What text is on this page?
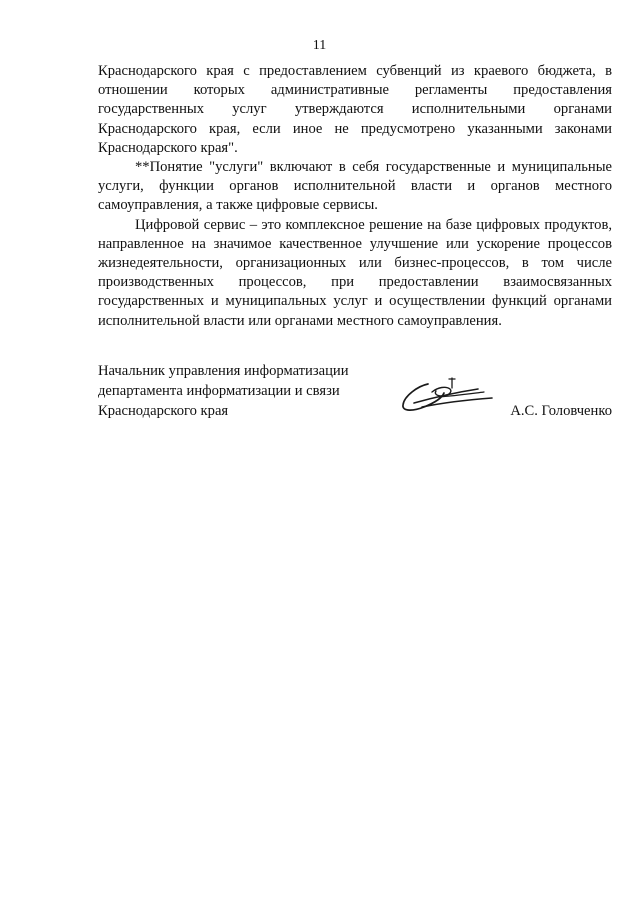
11

Краснодарского края с предоставлением субвенций из краевого бюджета, в отношении которых административные регламенты предоставления государственных услуг утверждаются исполнительными органами Краснодарского края, если иное не предусмотрено указанными законами Краснодарского края".

**Понятие "услуги" включают в себя государственные и муниципальные услуги, функции органов исполнительной власти и органов местного самоуправления, а также цифровые сервисы.

Цифровой сервис – это комплексное решение на базе цифровых продуктов, направленное на значимое качественное улучшение или ускорение процессов жизнедеятельности, организационных или бизнес-процессов, в том числе производственных процессов, при предоставлении взаимосвязанных государственных и муниципальных услуг и осуществлении функций органами исполнительной власти или органами местного самоуправления.

Начальник управления информатизации
департамента информатизации и связи
Краснодарского края	А.С. Головченко
